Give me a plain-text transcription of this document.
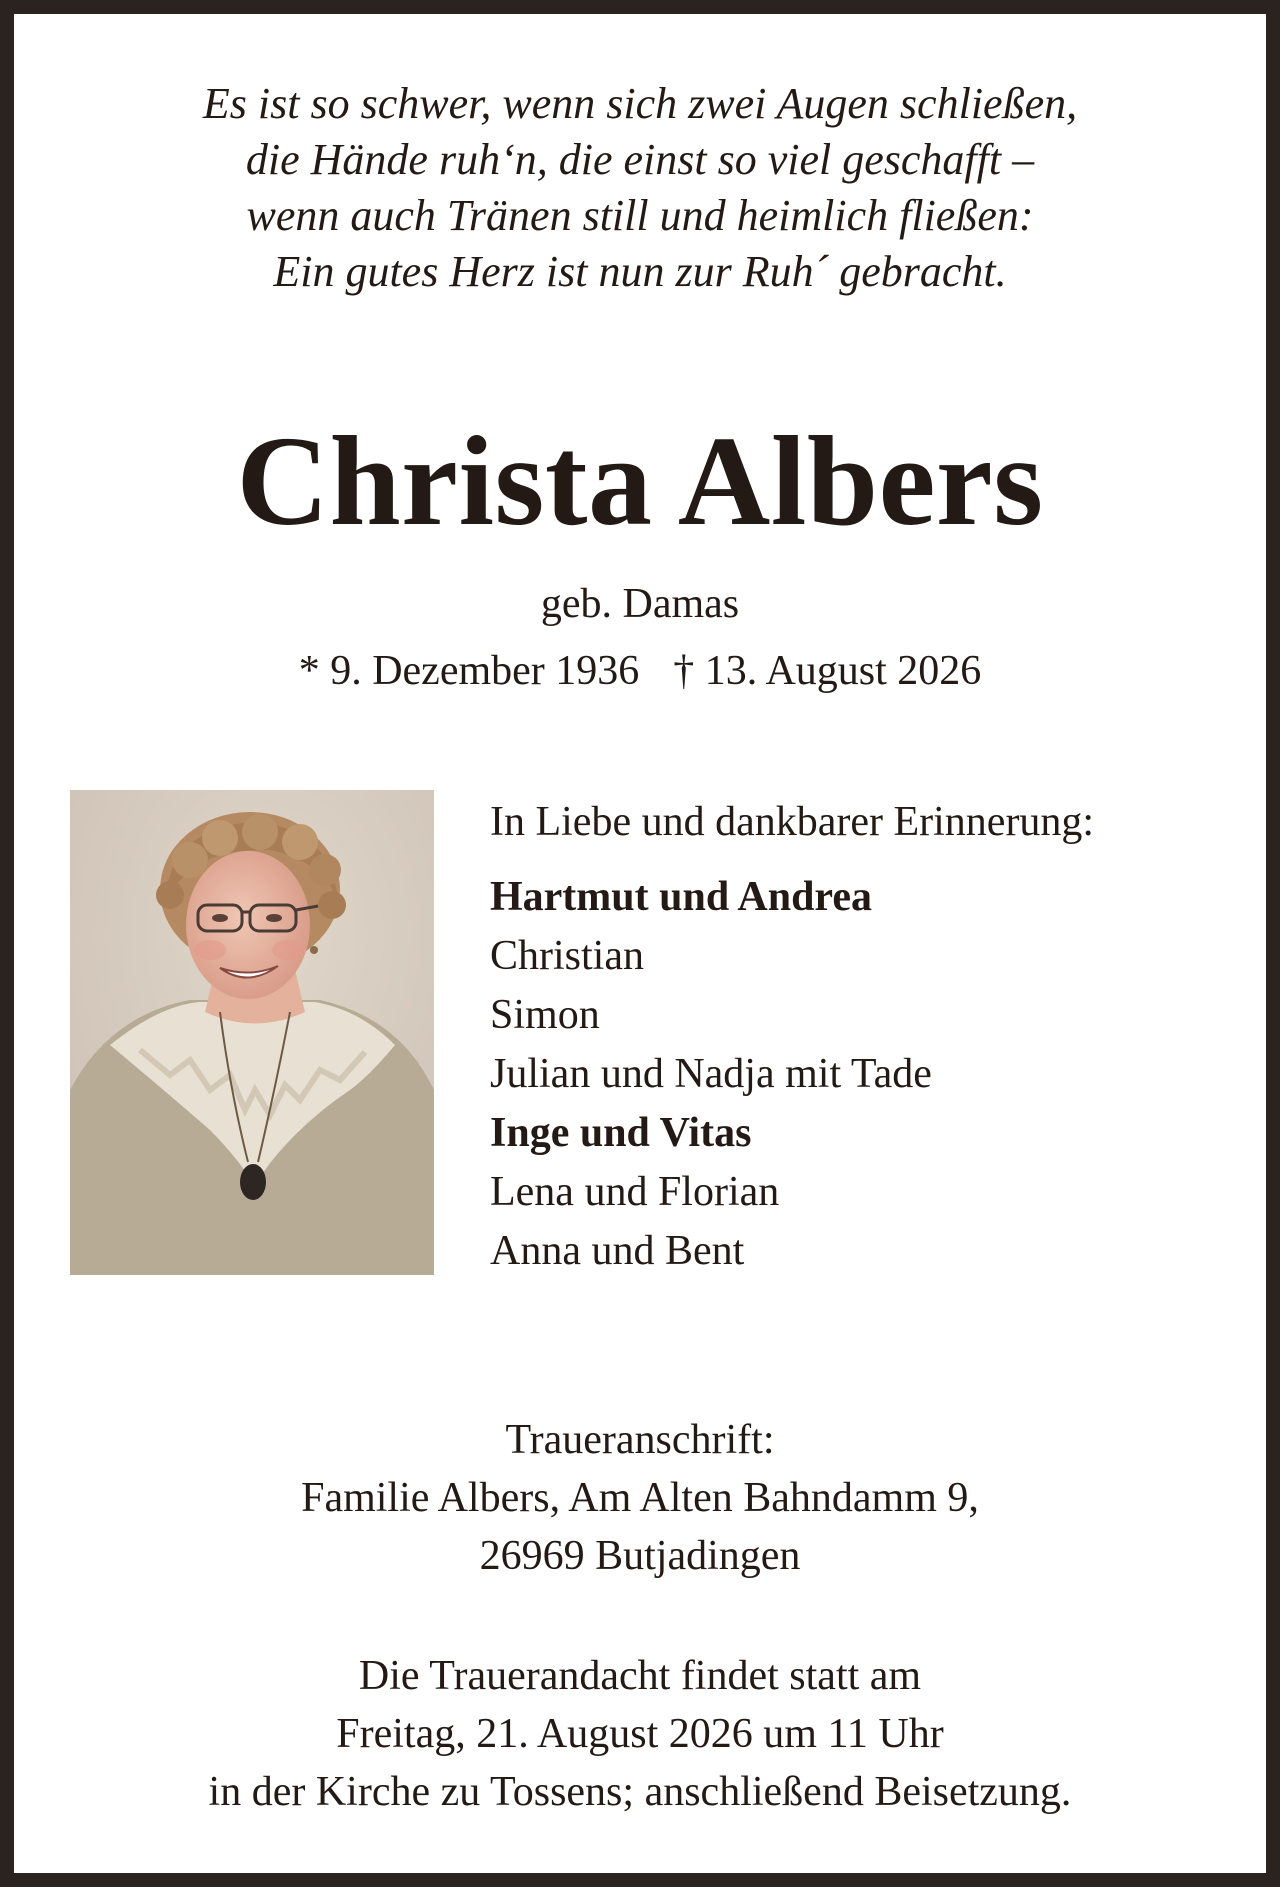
Es ist so schwer, wenn sich zwei Augen schließen,
die Hände ruh‘n, die einst so viel geschafft –
wenn auch Tränen still und heimlich fließen:
Ein gutes Herz ist nun zur Ruh´ gebracht.
Christa Albers
geb. Damas
* 9. Dezember 1936 † 13. August 2026
In Liebe und dankbarer Erinnerung:
Hartmut und Andrea
Christian
Simon
Julian und Nadja mit Tade
Inge und Vitas
Lena und Florian
Anna und Bent
Traueranschrift:
Familie Albers, Am Alten Bahndamm 9,
26969 Butjadingen
Die Trauerandacht findet statt am
Freitag, 21. August 2026 um 11 Uhr
in der Kirche zu Tossens; anschließend Beisetzung.
